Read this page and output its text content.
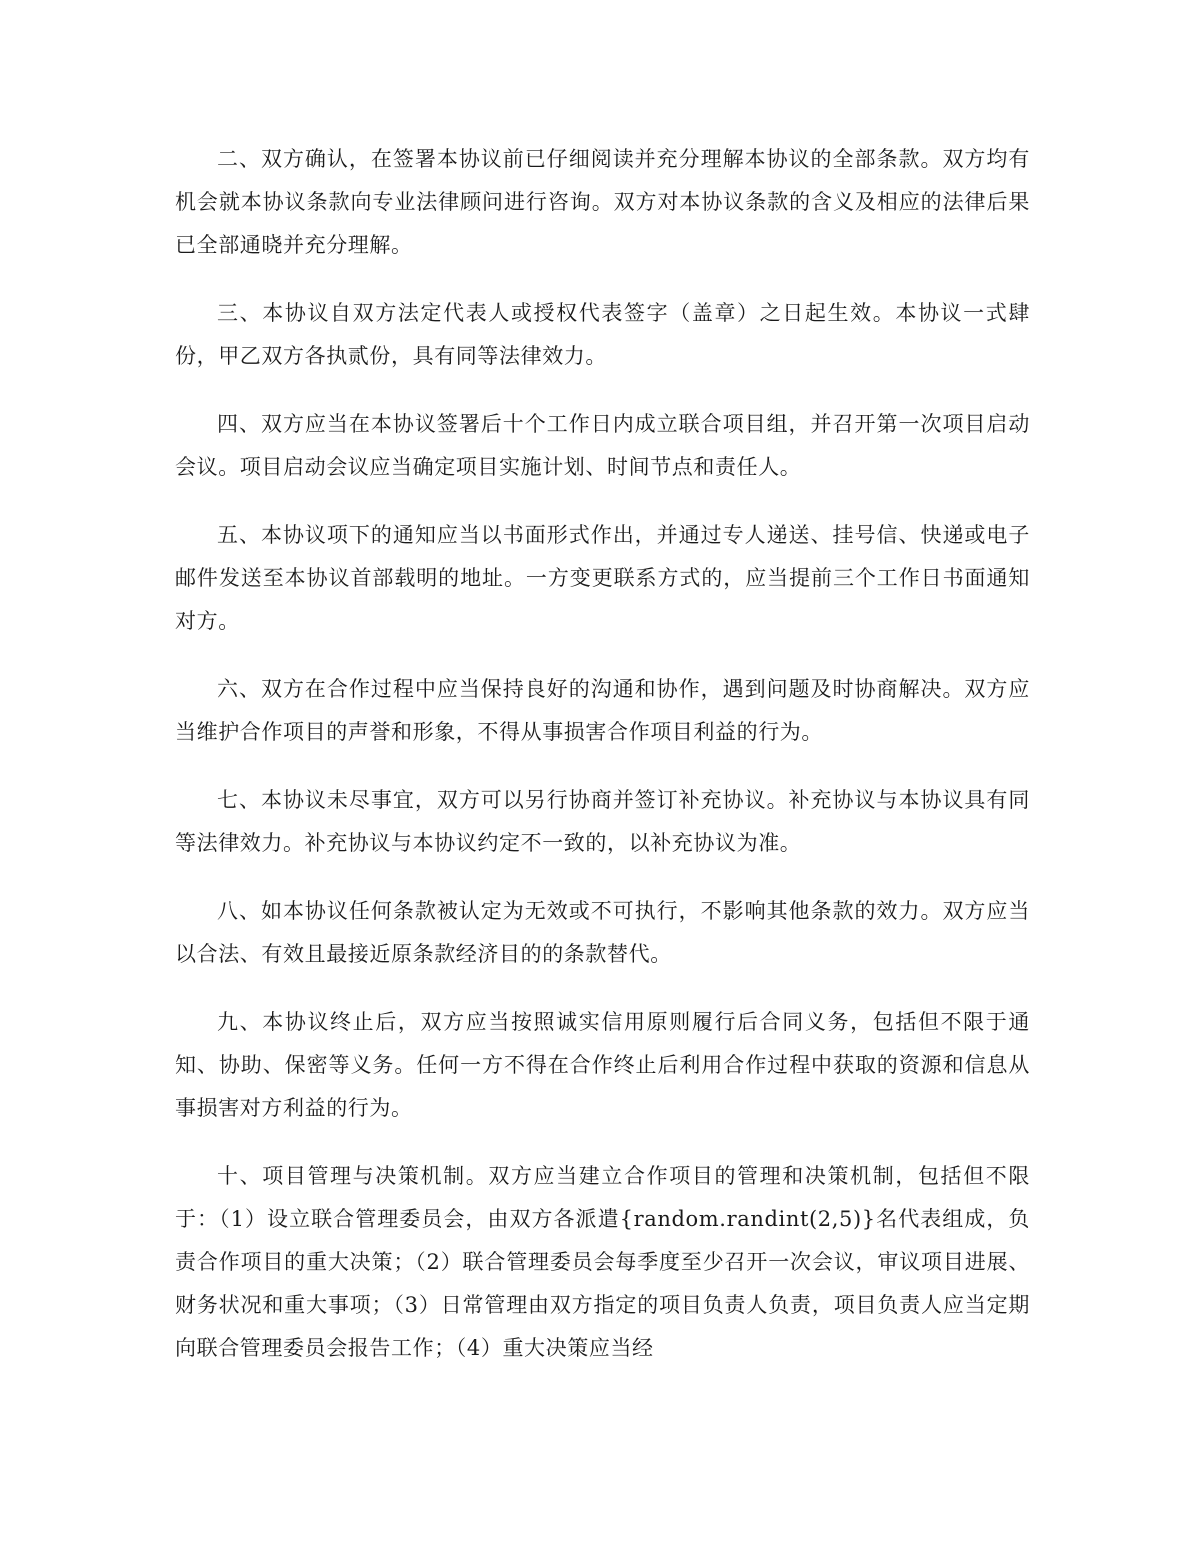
二、双方确认，在签署本协议前已仔细阅读并充分理解本协议的全部条款。双方均有机会就本协议条款向专业法律顾问进行咨询。双方对本协议条款的含义及相应的法律后果已全部通晓并充分理解。

三、本协议自双方法定代表人或授权代表签字（盖章）之日起生效。本协议一式肆份，甲乙双方各执贰份，具有同等法律效力。

四、双方应当在本协议签署后十个工作日内成立联合项目组，并召开第一次项目启动会议。项目启动会议应当确定项目实施计划、时间节点和责任人。

五、本协议项下的通知应当以书面形式作出，并通过专人递送、挂号信、快递或电子邮件发送至本协议首部载明的地址。一方变更联系方式的，应当提前三个工作日书面通知对方。

六、双方在合作过程中应当保持良好的沟通和协作，遇到问题及时协商解决。双方应当维护合作项目的声誉和形象，不得从事损害合作项目利益的行为。

七、本协议未尽事宜，双方可以另行协商并签订补充协议。补充协议与本协议具有同等法律效力。补充协议与本协议约定不一致的，以补充协议为准。

八、如本协议任何条款被认定为无效或不可执行，不影响其他条款的效力。双方应当以合法、有效且最接近原条款经济目的的条款替代。

九、本协议终止后，双方应当按照诚实信用原则履行后合同义务，包括但不限于通知、协助、保密等义务。任何一方不得在合作终止后利用合作过程中获取的资源和信息从事损害对方利益的行为。

十、项目管理与决策机制。双方应当建立合作项目的管理和决策机制，包括但不限于：（1）设立联合管理委员会，由双方各派遣{random.randint(2,5)}名代表组成，负责合作项目的重大决策；（2）联合管理委员会每季度至少召开一次会议，审议项目进展、财务状况和重大事项；（3）日常管理由双方指定的项目负责人负责，项目负责人应当定期向联合管理委员会报告工作；（4）重大决策应当经
